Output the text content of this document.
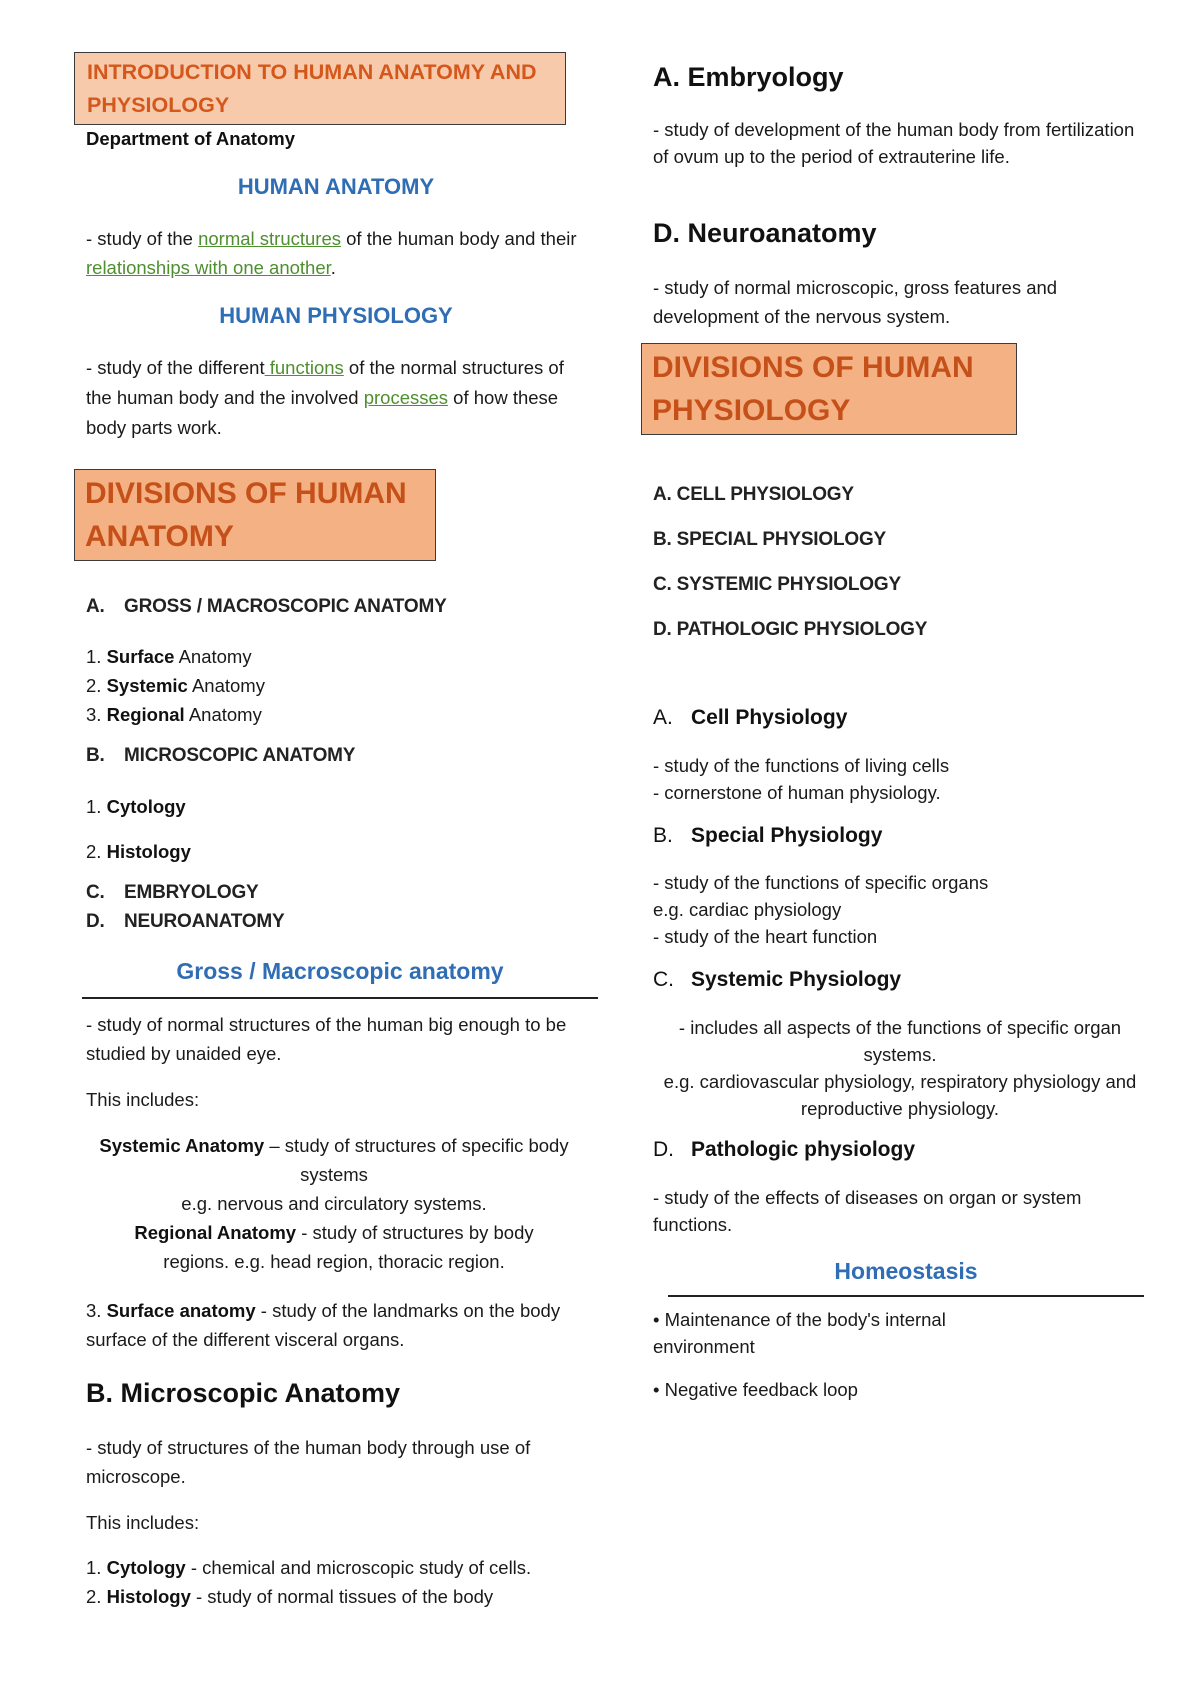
INTRODUCTION TO HUMAN ANATOMY AND PHYSIOLOGY

Department of Anatomy

HUMAN ANATOMY

- study of the normal structures of the human body and their relationships with one another.

HUMAN PHYSIOLOGY

- study of the different functions of the normal structures of the human body and the involved processes of how these body parts work.

DIVISIONS OF HUMAN ANATOMY

A. GROSS / MACROSCOPIC ANATOMY

1. Surface Anatomy

2. Systemic Anatomy

3. Regional Anatomy

B. MICROSCOPIC ANATOMY

1. Cytology

2. Histology

C. EMBRYOLOGY

D. NEUROANATOMY

Gross / Macroscopic anatomy

- study of normal structures of the human big enough to be studied by unaided eye.

This includes:

Systemic Anatomy – study of structures of specific body systems

e.g. nervous and circulatory systems.

Regional Anatomy - study of structures by body regions. e.g. head region, thoracic region.

3. Surface anatomy - study of the landmarks on the body surface of the different visceral organs.

B. Microscopic Anatomy

- study of structures of the human body through use of microscope.

This includes:

1. Cytology - chemical and microscopic study of cells.

2. Histology - study of normal tissues of the body

A. Embryology

- study of development of the human body from fertilization of ovum up to the period of extrauterine life.

D. Neuroanatomy

- study of normal microscopic, gross features and development of the nervous system.

DIVISIONS OF HUMAN PHYSIOLOGY

A. CELL PHYSIOLOGY

B. SPECIAL PHYSIOLOGY

C. SYSTEMIC PHYSIOLOGY

D. PATHOLOGIC PHYSIOLOGY

A. Cell Physiology

- study of the functions of living cells

- cornerstone of human physiology.

B. Special Physiology

- study of the functions of specific organs

e.g. cardiac physiology

- study of the heart function

C. Systemic Physiology

- includes all aspects of the functions of specific organ systems.

e.g. cardiovascular physiology, respiratory physiology and reproductive physiology.

D. Pathologic physiology

- study of the effects of diseases on organ or system functions.

Homeostasis

• Maintenance of the body's internal environment

• Negative feedback loop
